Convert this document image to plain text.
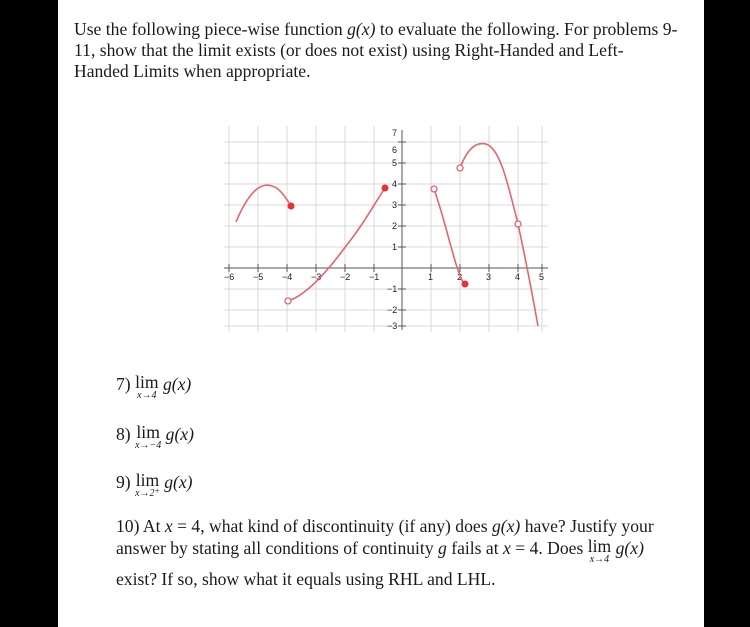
Use the following piece-wise function g(x) to evaluate the following. For problems 9-
11, show that the limit exists (or does not exist) using Right-Handed and Left-
Handed Limits when appropriate.
−6 −5 −4 −3 −2 −1	1	2	3	4 5
1
2
3
4
5
6
7
−1
−2
−3
7) lim
x→4
g(x)
8) lim
x→−4
g(x)
9) lim
x→2⁺
g(x)
10) At x = 4, what kind of discontinuity (if any) does g(x) have? Justify your
answer by stating all conditions of continuity g fails at x = 4. Does lim
x→4
g(x)
exist? If so, show what it equals using RHL and LHL.
